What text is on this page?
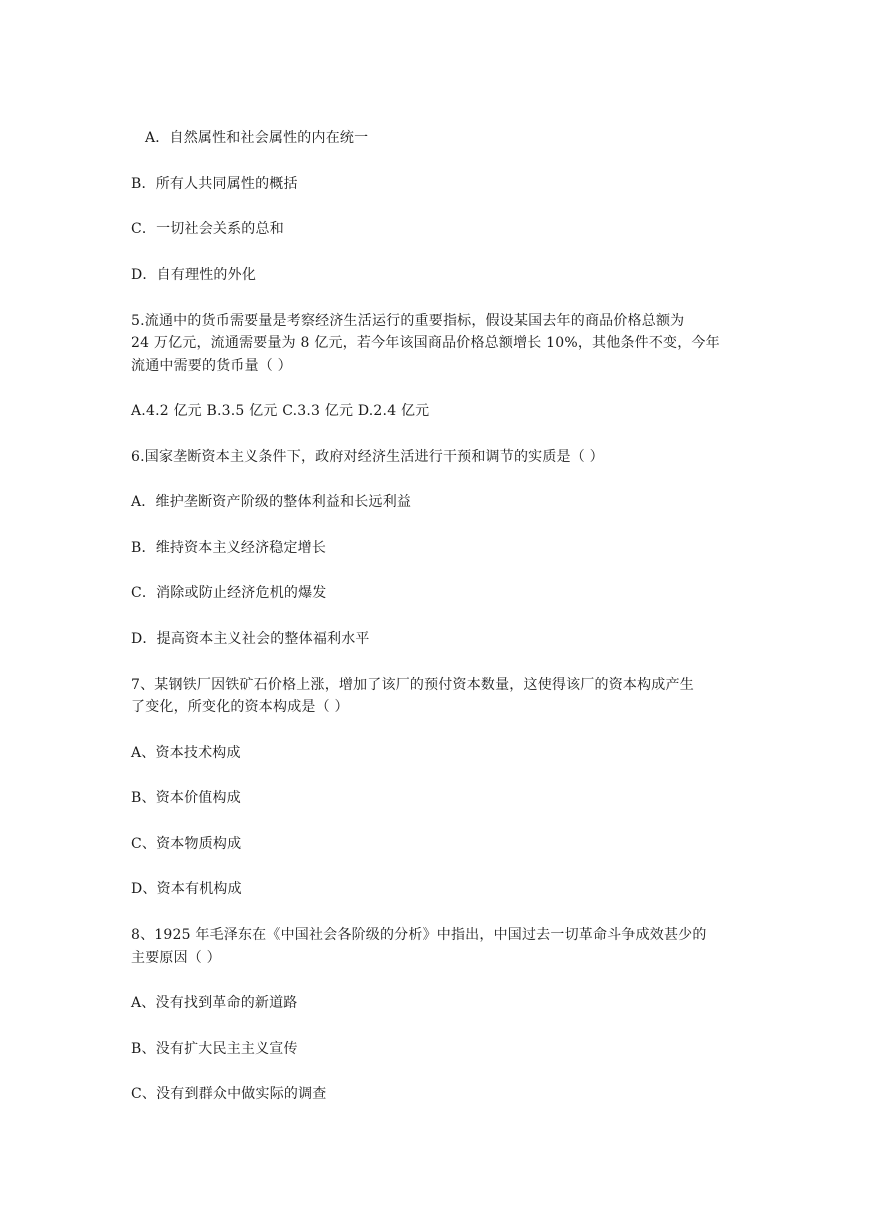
A．自然属性和社会属性的内在统一
B．所有人共同属性的概括
C．一切社会关系的总和
D．自有理性的外化
5.流通中的货币需要量是考察经济生活运行的重要指标，假设某国去年的商品价格总额为
24 万亿元，流通需要量为 8 亿元，若今年该国商品价格总额增长 10%，其他条件不变，今年
流通中需要的货币量（ ）
A.4.2 亿元 B.3.5 亿元 C.3.3 亿元 D.2.4 亿元
6.国家垄断资本主义条件下，政府对经济生活进行干预和调节的实质是（ ）
A．维护垄断资产阶级的整体利益和长远利益
B．维持资本主义经济稳定增长
C．消除或防止经济危机的爆发
D．提高资本主义社会的整体福利水平
7、某钢铁厂因铁矿石价格上涨，增加了该厂的预付资本数量，这使得该厂的资本构成产生
了变化，所变化的资本构成是（ ）
A、资本技术构成
B、资本价值构成
C、资本物质构成
D、资本有机构成
8、1925 年毛泽东在《中国社会各阶级的分析》中指出，中国过去一切革命斗争成效甚少的
主要原因（ ）
A、没有找到革命的新道路
B、没有扩大民主主义宣传
C、没有到群众中做实际的调查
